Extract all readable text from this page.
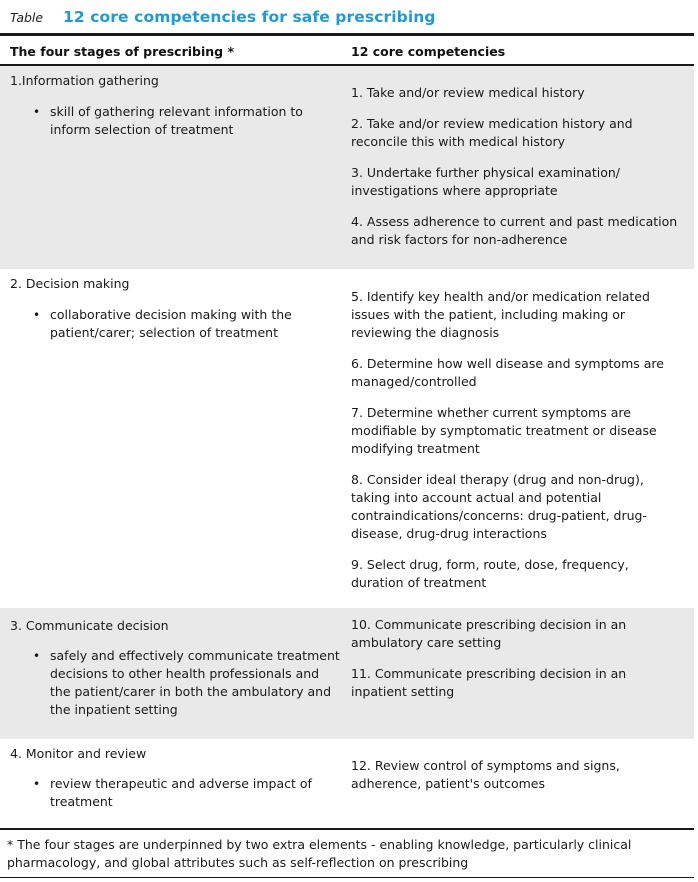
Table	12 core competencies for safe prescribing
The four stages of prescribing *	12 core competencies
1.Information gathering
• skill of gathering relevant information to inform selection of treatment
1. Take and/or review medical history
2. Take and/or review medication history and reconcile this with medical history
3. Undertake further physical examination/ investigations where appropriate
4. Assess adherence to current and past medication and risk factors for non-adherence
2. Decision making
• collaborative decision making with the patient/carer; selection of treatment
5. Identify key health and/or medication related issues with the patient, including making or reviewing the diagnosis
6. Determine how well disease and symptoms are managed/controlled
7. Determine whether current symptoms are modifiable by symptomatic treatment or disease modifying treatment
8. Consider ideal therapy (drug and non-drug), taking into account actual and potential contraindications/concerns: drug-patient, drug-disease, drug-drug interactions
9. Select drug, form, route, dose, frequency, duration of treatment
3. Communicate decision
• safely and effectively communicate treatment decisions to other health professionals and the patient/carer in both the ambulatory and the inpatient setting
10. Communicate prescribing decision in an ambulatory care setting
11. Communicate prescribing decision in an inpatient setting
4. Monitor and review
• review therapeutic and adverse impact of treatment
12. Review control of symptoms and signs, adherence, patient's outcomes
* The four stages are underpinned by two extra elements - enabling knowledge, particularly clinical pharmacology, and global attributes such as self-reflection on prescribing
